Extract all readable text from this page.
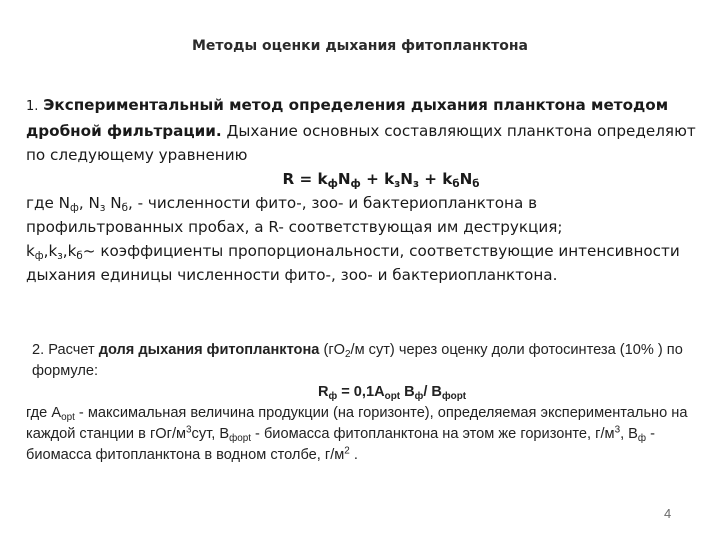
Методы оценки дыхания фитопланктона
1. Экспериментальный метод определения дыхания планктона методом дробной фильтрации. Дыхание основных составляющих планктона определяют по следующему уравнению
$R = k_фN_ф + k_зN_з + k_бN_б$
где $N_ф$, $N_з$ $N_б$, - численности фито-, зоо- и бактериопланктона в профильтрованных пробах, а R- соответствующая им деструкция;
$k_ф,k_з,k_б\sim$ коэффициенты пропорциональности, соответствующие интенсивности дыхания единицы численности фито-, зоо- и бактериопланктона.
2. Расчет доля дыхания фитопланктона ($гО_2/м$ сут) через оценку доли фотосинтеза (10% ) по формуле:
$R_ф = 0,1A_{opt}$ $B_ф/$ $B_{фopt}$
где $A_{opt}$ - максимальная величина продукции (на горизонте), определяемая экспериментально на каждой станции в гОг/$м^3сут$, $B_{фopt}$ - биомасса фитопланктона на этом же горизонте, $г/м^3$, $B_ф$ - биомасса фитопланктона в водном столбе, $г/м^2$ .
4
